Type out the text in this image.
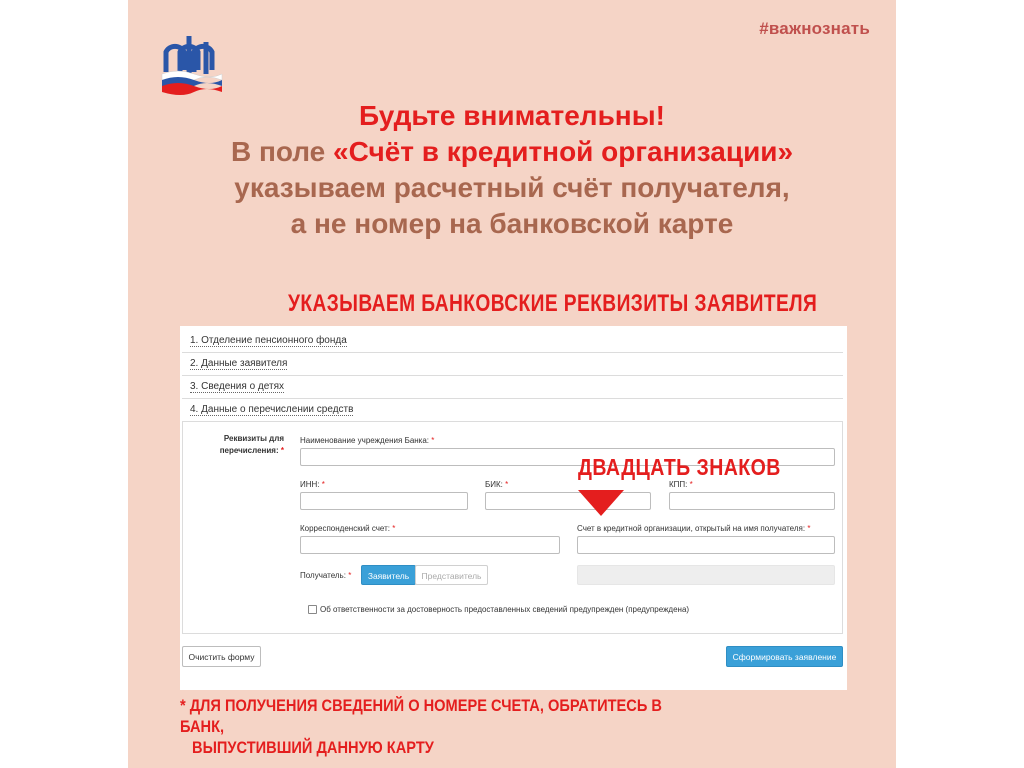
#важнознать
Будьте внимательны!
В поле «Счёт в кредитной организации»
указываем расчетный счёт получателя,
а не номер на банковской карте
УКАЗЫВАЕМ БАНКОВСКИЕ РЕКВИЗИТЫ ЗАЯВИТЕЛЯ
1. Отделение пенсионного фонда
2. Данные заявителя
3. Сведения о детях
4. Данные о перечислении средств
Реквизиты для
перечисления: *
Наименование учреждения Банка: *
ИНН: *	БИК: *	КПП: *
Корреспонденский счет: *	Счет в кредитной организации, открытый на имя получателя: *
Получатель: *	Заявитель	Представитель
Об ответственности за достоверность предоставленных сведений предупрежден (предупреждена)
Очистить форму	Сформировать заявление
ДВАДЦАТЬ ЗНАКОВ
* ДЛЯ ПОЛУЧЕНИЯ СВЕДЕНИЙ О НОМЕРЕ СЧЕТА, ОБРАТИТЕСЬ В БАНК,
ВЫПУСТИВШИЙ ДАННУЮ КАРТУ
